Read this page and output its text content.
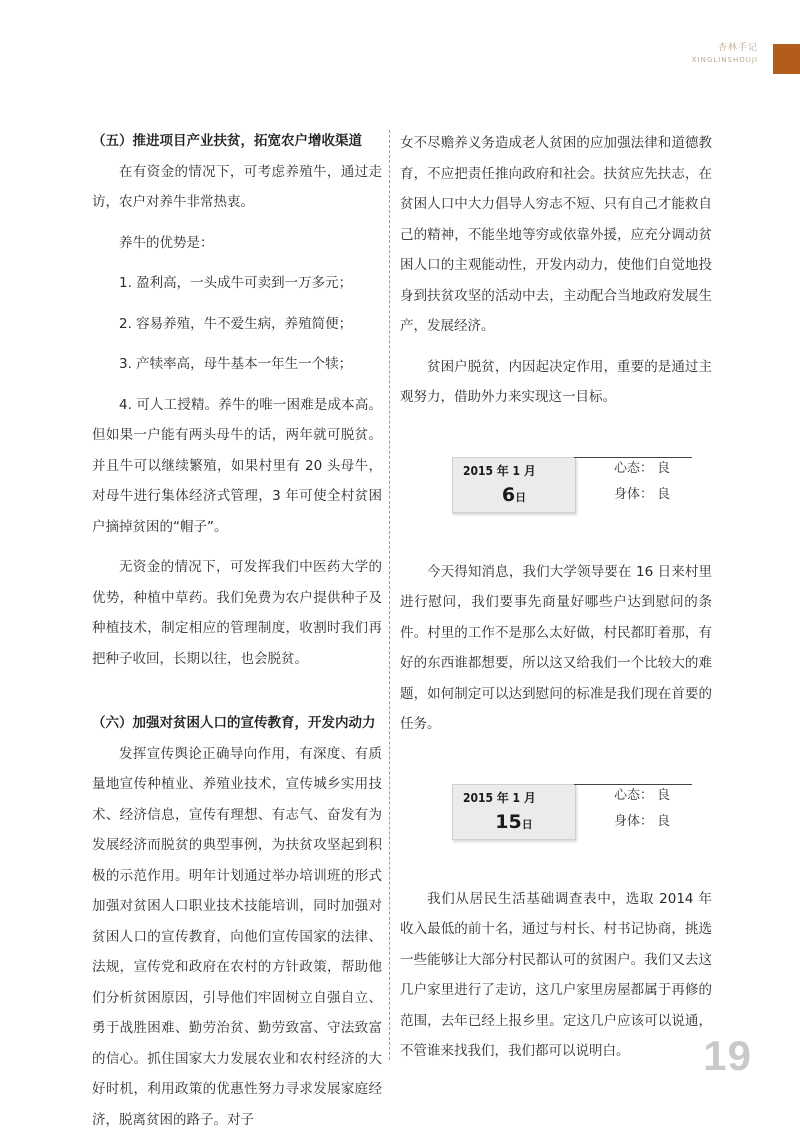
杏林手记
XINGLINSHOUJI

（五）推进项目产业扶贫，拓宽农户增收渠道

在有资金的情况下，可考虑养殖牛，通过走访，农户对养牛非常热衷。

养牛的优势是：

1. 盈利高，一头成牛可卖到一万多元；

2. 容易养殖，牛不爱生病，养殖简便；

3. 产犊率高，母牛基本一年生一个犊；

4. 可人工授精。养牛的唯一困难是成本高。但如果一户能有两头母牛的话，两年就可脱贫。并且牛可以继续繁殖，如果村里有 20 头母牛，对母牛进行集体经济式管理，3 年可使全村贫困户摘掉贫困的“帽子”。

无资金的情况下，可发挥我们中医药大学的优势，种植中草药。我们免费为农户提供种子及种植技术，制定相应的管理制度，收割时我们再把种子收回，长期以往，也会脱贫。

（六）加强对贫困人口的宣传教育，开发内动力

发挥宣传舆论正确导向作用，有深度、有质量地宣传种植业、养殖业技术，宣传城乡实用技术、经济信息，宣传有理想、有志气、奋发有为发展经济而脱贫的典型事例，为扶贫攻坚起到积极的示范作用。明年计划通过举办培训班的形式加强对贫困人口职业技术技能培训，同时加强对贫困人口的宣传教育，向他们宣传国家的法律、法规，宣传党和政府在农村的方针政策，帮助他们分析贫困原因，引导他们牢固树立自强自立、勇于战胜困难、勤劳治贫、勤劳致富、守法致富的信心。抓住国家大力发展农业和农村经济的大好时机，利用政策的优惠性努力寻求发展家庭经济，脱离贫困的路子。对子

女不尽赡养义务造成老人贫困的应加强法律和道德教育，不应把责任推向政府和社会。扶贫应先扶志，在贫困人口中大力倡导人穷志不短、只有自己才能救自己的精神，不能坐地等穷或依靠外援，应充分调动贫困人口的主观能动性，开发内动力，使他们自觉地投身到扶贫攻坚的活动中去，主动配合当地政府发展生产，发展经济。

贫困户脱贫，内因起决定作用，重要的是通过主观努力，借助外力来实现这一目标。

2015 年 1 月
6日
心态： 良
身体： 良

今天得知消息，我们大学领导要在 16 日来村里进行慰问，我们要事先商量好哪些户达到慰问的条件。村里的工作不是那么太好做，村民都盯着那，有好的东西谁都想要，所以这又给我们一个比较大的难题，如何制定可以达到慰问的标准是我们现在首要的任务。

2015 年 1 月
15日
心态： 良
身体： 良

我们从居民生活基础调查表中，选取 2014 年收入最低的前十名，通过与村长、村书记协商，挑选一些能够让大部分村民都认可的贫困户。我们又去这几户家里进行了走访，这几户家里房屋都属于再修的范围，去年已经上报乡里。定这几户应该可以说通，不管谁来找我们，我们都可以说明白。	19
